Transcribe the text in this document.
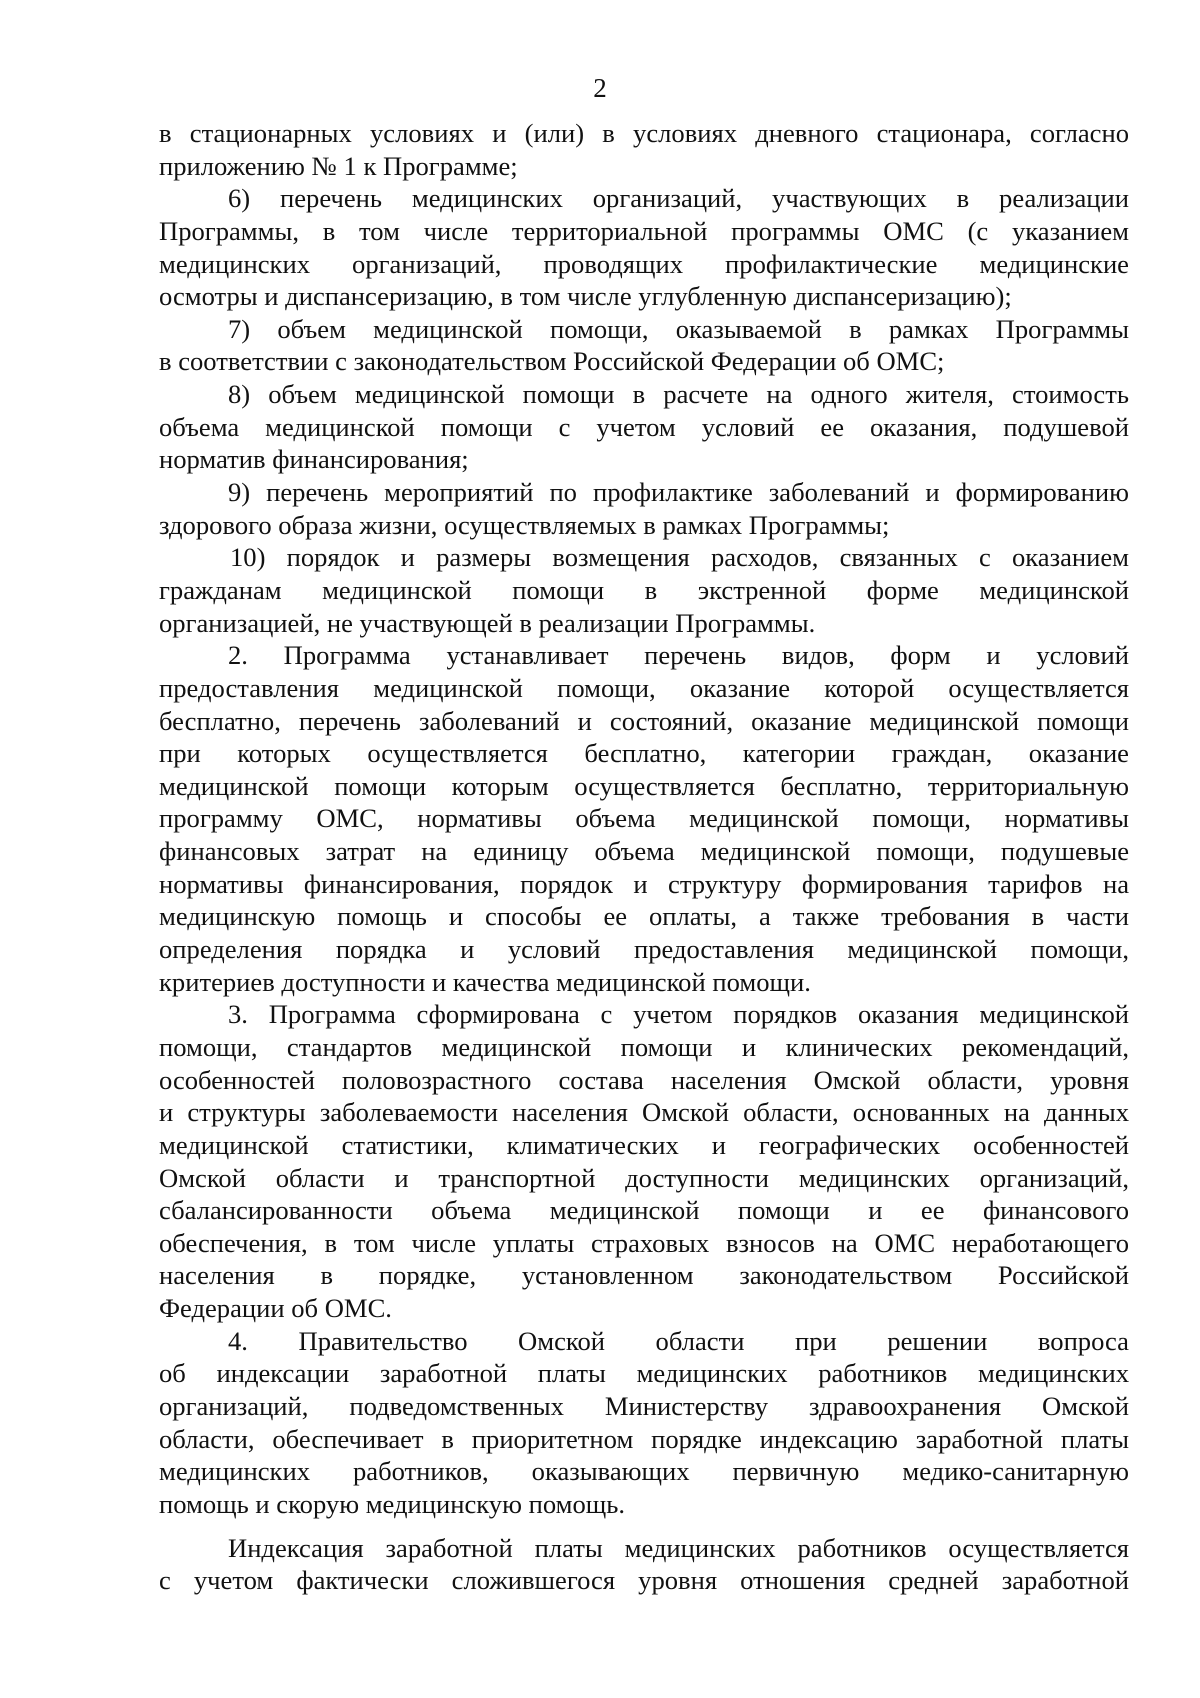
2
в стационарных условиях и (или) в условиях дневного стационара, согласно
приложению № 1 к Программе;
6) перечень медицинских организаций, участвующих в реализации
Программы, в том числе территориальной программы ОМС (с указанием
медицинских организаций, проводящих профилактические медицинские
осмотры и диспансеризацию, в том числе углубленную диспансеризацию);
7) объем медицинской помощи, оказываемой в рамках Программы
в соответствии с законодательством Российской Федерации об ОМС;
8) объем медицинской помощи в расчете на одного жителя, стоимость
объема медицинской помощи с учетом условий ее оказания, подушевой
норматив финансирования;
9) перечень мероприятий по профилактике заболеваний и формированию
здорового образа жизни, осуществляемых в рамках Программы;
10) порядок и размеры возмещения расходов, связанных с оказанием
гражданам медицинской помощи в экстренной форме медицинской
организацией, не участвующей в реализации Программы.
2. Программа устанавливает перечень видов, форм и условий
предоставления медицинской помощи, оказание которой осуществляется
бесплатно, перечень заболеваний и состояний, оказание медицинской помощи
при которых осуществляется бесплатно, категории граждан, оказание
медицинской помощи которым осуществляется бесплатно, территориальную
программу ОМС, нормативы объема медицинской помощи, нормативы
финансовых затрат на единицу объема медицинской помощи, подушевые
нормативы финансирования, порядок и структуру формирования тарифов на
медицинскую помощь и способы ее оплаты, а также требования в части
определения порядка и условий предоставления медицинской помощи,
критериев доступности и качества медицинской помощи.
3. Программа сформирована с учетом порядков оказания медицинской
помощи, стандартов медицинской помощи и клинических рекомендаций,
особенностей половозрастного состава населения Омской области, уровня
и структуры заболеваемости населения Омской области, основанных на данных
медицинской статистики, климатических и географических особенностей
Омской области и транспортной доступности медицинских организаций,
сбалансированности объема медицинской помощи и ее финансового
обеспечения, в том числе уплаты страховых взносов на ОМС неработающего
населения в порядке, установленном законодательством Российской
Федерации об ОМС.
4. Правительство Омской области при решении вопроса
об индексации заработной платы медицинских работников медицинских
организаций, подведомственных Министерству здравоохранения Омской
области, обеспечивает в приоритетном порядке индексацию заработной платы
медицинских работников, оказывающих первичную медико-санитарную
помощь и скорую медицинскую помощь.
Индексация заработной платы медицинских работников осуществляется
с учетом фактически сложившегося уровня отношения средней заработной
